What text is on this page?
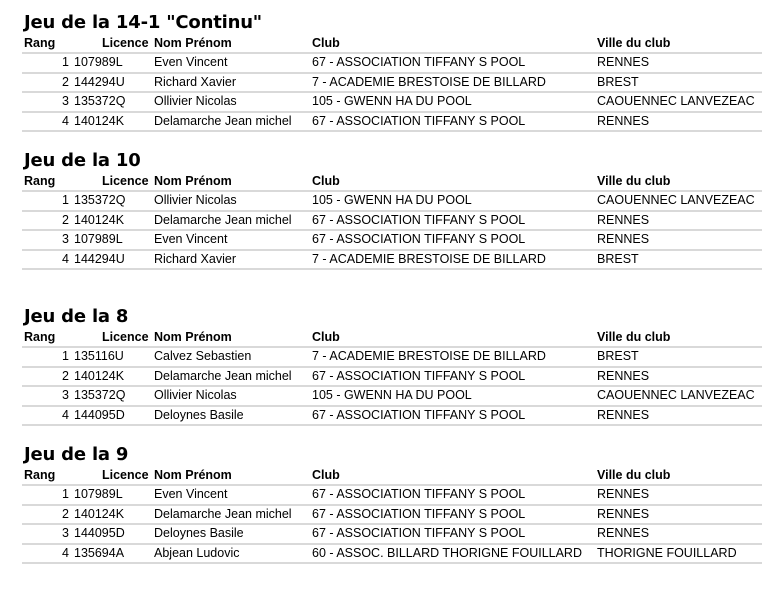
Jeu de la 14-1 "Continu"
Rang	Licence	Nom Prénom	Club	Ville du club
1	107989L	Even Vincent	67 - ASSOCIATION TIFFANY S POOL	RENNES
2	144294U	Richard Xavier	7 - ACADEMIE BRESTOISE DE BILLARD	BREST
3	135372Q	Ollivier Nicolas	105 - GWENN HA DU POOL	CAOUENNEC LANVEZEAC
4	140124K	Delamarche Jean michel	67 - ASSOCIATION TIFFANY S POOL	RENNES
Jeu de la 10
Rang	Licence	Nom Prénom	Club	Ville du club
1	135372Q	Ollivier Nicolas	105 - GWENN HA DU POOL	CAOUENNEC LANVEZEAC
2	140124K	Delamarche Jean michel	67 - ASSOCIATION TIFFANY S POOL	RENNES
3	107989L	Even Vincent	67 - ASSOCIATION TIFFANY S POOL	RENNES
4	144294U	Richard Xavier	7 - ACADEMIE BRESTOISE DE BILLARD	BREST
Jeu de la 8
Rang	Licence	Nom Prénom	Club	Ville du club
1	135116U	Calvez Sebastien	7 - ACADEMIE BRESTOISE DE BILLARD	BREST
2	140124K	Delamarche Jean michel	67 - ASSOCIATION TIFFANY S POOL	RENNES
3	135372Q	Ollivier Nicolas	105 - GWENN HA DU POOL	CAOUENNEC LANVEZEAC
4	144095D	Deloynes Basile	67 - ASSOCIATION TIFFANY S POOL	RENNES
Jeu de la 9
Rang	Licence	Nom Prénom	Club	Ville du club
1	107989L	Even Vincent	67 - ASSOCIATION TIFFANY S POOL	RENNES
2	140124K	Delamarche Jean michel	67 - ASSOCIATION TIFFANY S POOL	RENNES
3	144095D	Deloynes Basile	67 - ASSOCIATION TIFFANY S POOL	RENNES
4	135694A	Abjean Ludovic	60 - ASSOC. BILLARD THORIGNE FOUILLARD	THORIGNE FOUILLARD
